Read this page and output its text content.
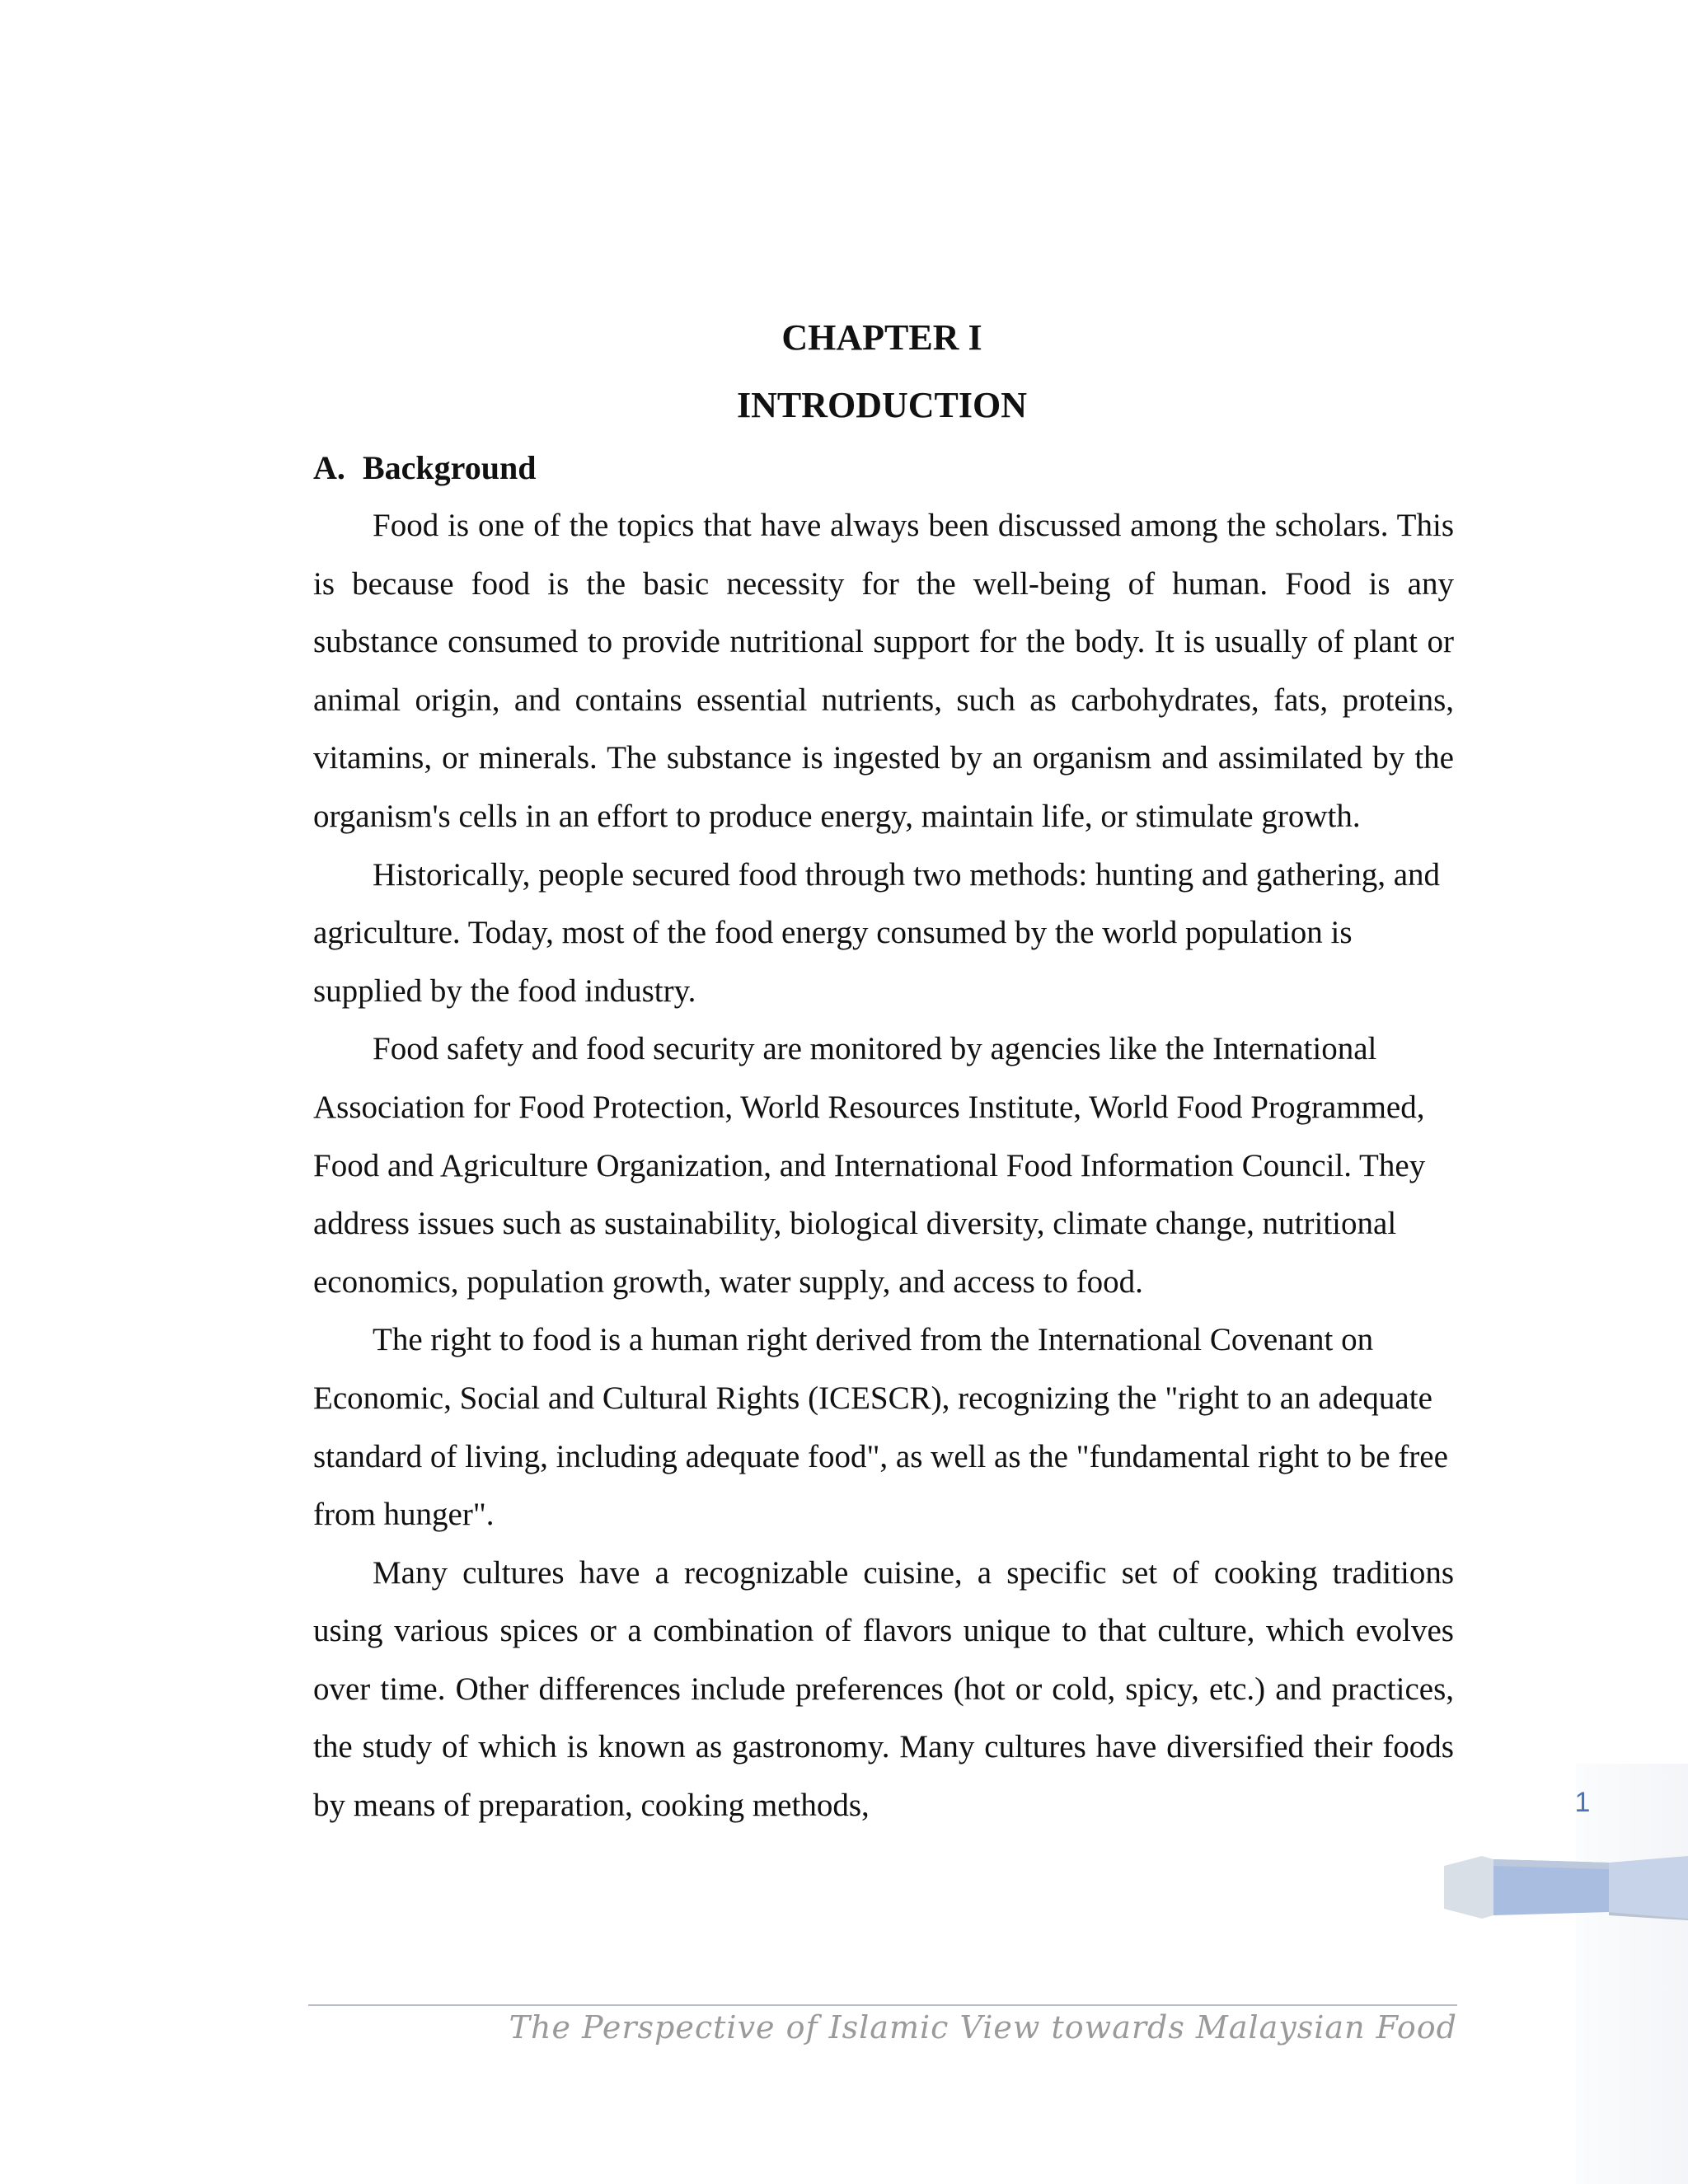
CHAPTER I
INTRODUCTION
A. Background

Food is one of the topics that have always been discussed among the scholars. This is because food is the basic necessity for the well-being of human. Food is any substance consumed to provide nutritional support for the body. It is usually of plant or animal origin, and contains essential nutrients, such as carbohydrates, fats, proteins, vitamins, or minerals. The substance is ingested by an organism and assimilated by the organism's cells in an effort to produce energy, maintain life, or stimulate growth.

Historically, people secured food through two methods: hunting and gathering, and agriculture. Today, most of the food energy consumed by the world population is supplied by the food industry.

Food safety and food security are monitored by agencies like the International Association for Food Protection, World Resources Institute, World Food Programmed, Food and Agriculture Organization, and International Food Information Council. They address issues such as sustainability, biological diversity, climate change, nutritional economics, population growth, water supply, and access to food.

The right to food is a human right derived from the International Covenant on Economic, Social and Cultural Rights (ICESCR), recognizing the "right to an adequate standard of living, including adequate food", as well as the "fundamental right to be free from hunger".

Many cultures have a recognizable cuisine, a specific set of cooking traditions using various spices or a combination of flavors unique to that culture, which evolves over time. Other differences include preferences (hot or cold, spicy, etc.) and practices, the study of which is known as gastronomy. Many cultures have diversified their foods by means of preparation, cooking methods,	1
The Perspective of Islamic View towards Malaysian Food
